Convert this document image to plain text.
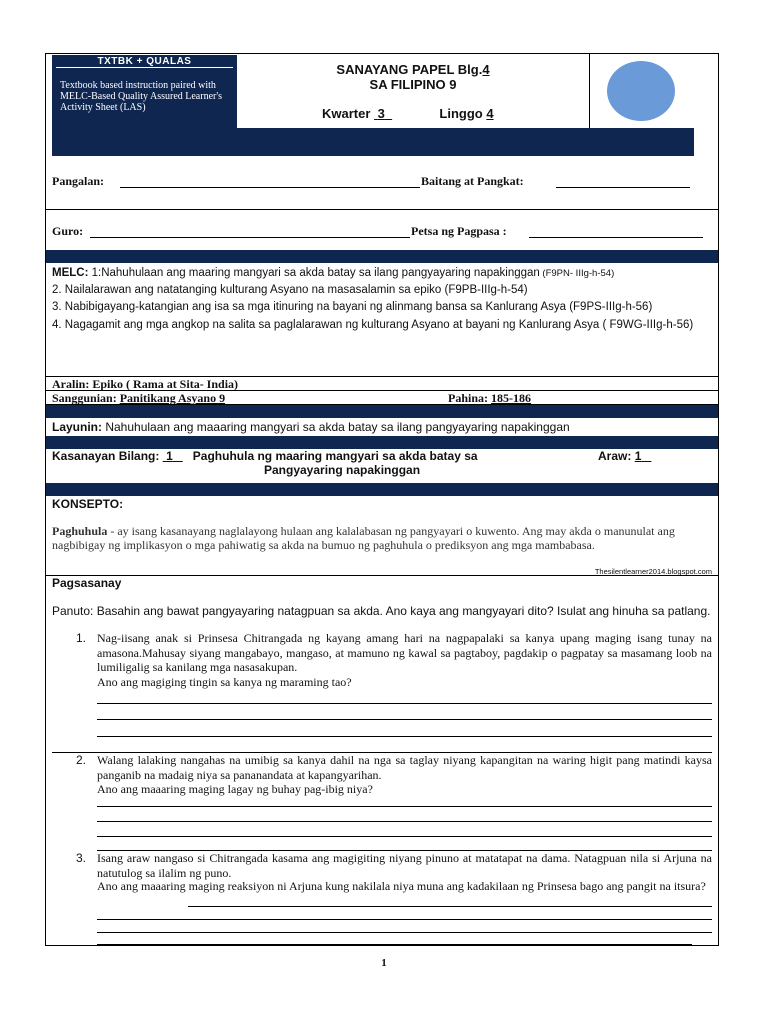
TXTBK + QUALAS
Textbook based instruction paired with MELC-Based Quality Assured Learner's Activity Sheet (LAS)
SANAYANG PAPEL Blg.4
SA FILIPINO 9
Kwarter 3	Linggo 4
Pangalan:	Baitang at Pangkat:
Guro:	Petsa ng Pagpasa :
MELC: 1:Nahuhulaan ang maaring mangyari sa akda batay sa ilang pangyayaring napakinggan (F9PN- IIIg-h-54)
2. Nailalarawan ang natatanging kulturang Asyano na masasalamin sa epiko (F9PB-IIIg-h-54)
3. Nabibigayang-katangian ang isa sa mga itinuring na bayani ng alinmang bansa sa Kanlurang Asya (F9PS-IIIg-h-56)
4. Nagagamit ang mga angkop na salita sa paglalarawan ng kulturang Asyano at bayani ng Kanlurang Asya ( F9WG-IIIg-h-56)
Aralin: Epiko ( Rama at Sita- India)
Sanggunian: Panitikang Asyano 9	Pahina: 185-186
Layunin: Nahuhulaan ang maaaring mangyari sa akda batay sa ilang pangyayaring napakinggan
Kasanayan Bilang: 1 Paghuhula ng maaring mangyari sa akda batay sa
Pangyayaring napakinggan
Araw: 1
KONSEPTO:
Paghuhula - ay isang kasanayang naglalayong hulaan ang kalalabasan ng pangyayari o kuwento. Ang may akda o manunulat ang nagbibigay ng implikasyon o mga pahiwatig sa akda na bumuo ng paghuhula o prediksyon ang mga mambabasa.
Thesilentlearner2014.blogspot.com
Pagsasanay
Panuto: Basahin ang bawat pangyayaring natagpuan sa akda. Ano kaya ang mangyayari dito? Isulat ang hinuha sa patlang.
1. Nag-iisang anak si Prinsesa Chitrangada ng kayang amang hari na nagpapalaki sa kanya upang maging isang tunay na amasona.Mahusay siyang mangabayo, mangaso, at mamuno ng kawal sa pagtaboy, pagdakip o pagpatay sa masamang loob na lumiligalig sa kanilang mga nasasakupan.
Ano ang magiging tingin sa kanya ng maraming tao?
2. Walang lalaking nangahas na umibig sa kanya dahil na nga sa taglay niyang kapangitan na waring higit pang matindi kaysa panganib na madaig niya sa pananandata at kapangyarihan.
Ano ang maaaring maging lagay ng buhay pag-ibig niya?
3. Isang araw nangaso si Chitrangada kasama ang magigiting niyang pinuno at matatapat na dama. Natagpuan nila si Arjuna na natutulog sa ilalim ng puno.
Ano ang maaaring maging reaksiyon ni Arjuna kung nakilala niya muna ang kadakilaan ng Prinsesa bago ang pangit na itsura?
1
